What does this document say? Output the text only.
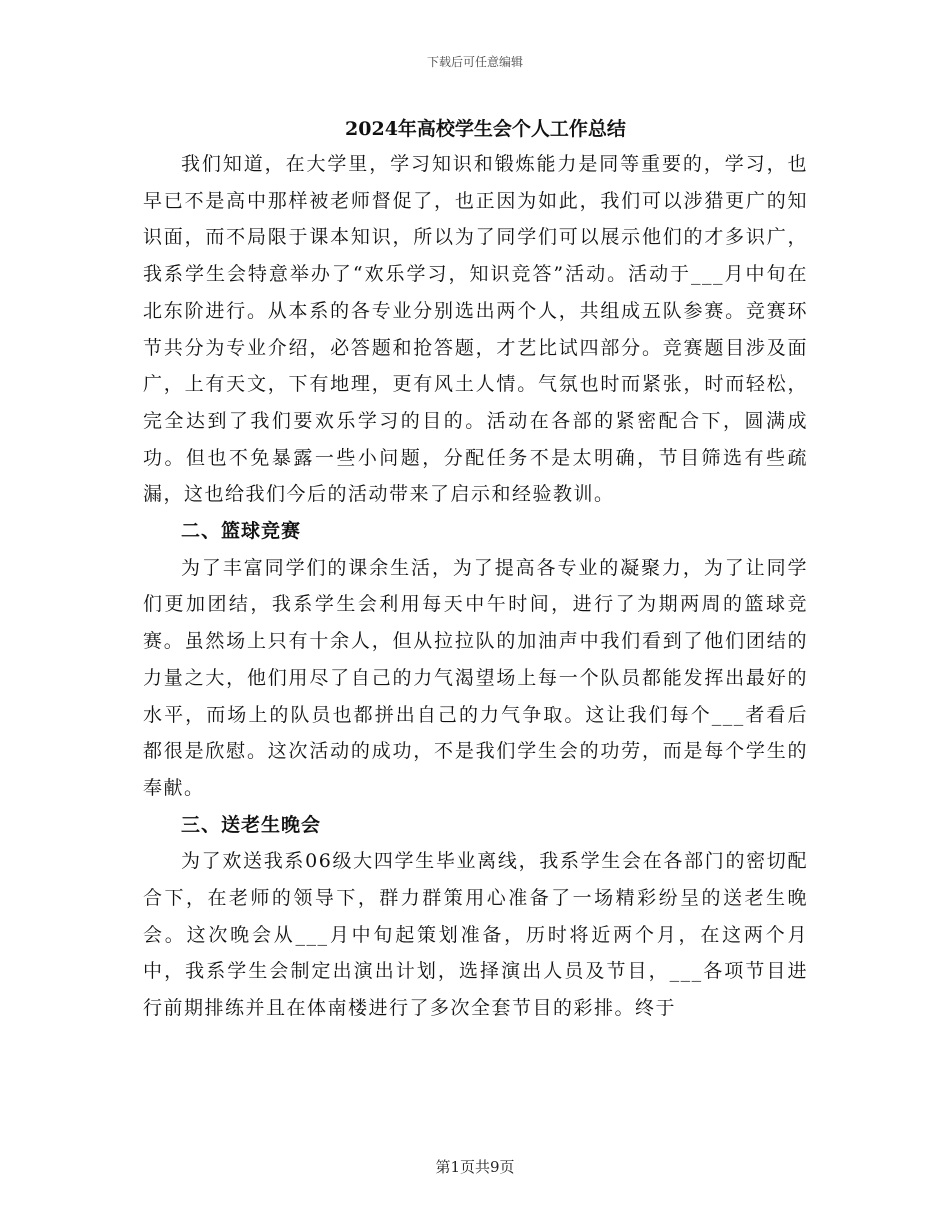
下载后可任意编辑
2024年高校学生会个人工作总结

我们知道，在大学里，学习知识和锻炼能力是同等重要的，学习，也早已不是高中那样被老师督促了，也正因为如此，我们可以涉猎更广的知识面，而不局限于课本知识，所以为了同学们可以展示他们的才多识广，我系学生会特意举办了“欢乐学习，知识竞答”活动。活动于___月中旬在北东阶进行。从本系的各专业分别选出两个人，共组成五队参赛。竞赛环节共分为专业介绍，必答题和抢答题，才艺比试四部分。竞赛题目涉及面广，上有天文，下有地理，更有风土人情。气氛也时而紧张，时而轻松，完全达到了我们要欢乐学习的目的。活动在各部的紧密配合下，圆满成功。但也不免暴露一些小问题，分配任务不是太明确，节目筛选有些疏漏，这也给我们今后的活动带来了启示和经验教训。

二、篮球竞赛

为了丰富同学们的课余生活，为了提高各专业的凝聚力，为了让同学们更加团结，我系学生会利用每天中午时间，进行了为期两周的篮球竞赛。虽然场上只有十余人，但从拉拉队的加油声中我们看到了他们团结的力量之大，他们用尽了自己的力气渴望场上每一个队员都能发挥出最好的水平，而场上的队员也都拼出自己的力气争取。这让我们每个___者看后都很是欣慰。这次活动的成功，不是我们学生会的功劳，而是每个学生的奉献。

三、送老生晚会

为了欢送我系06级大四学生毕业离线，我系学生会在各部门的密切配合下，在老师的领导下，群力群策用心准备了一场精彩纷呈的送老生晚会。这次晚会从___月中旬起策划准备，历时将近两个月，在这两个月中，我系学生会制定出演出计划，选择演出人员及节目，___各项节目进行前期排练并且在体南楼进行了多次全套节目的彩排。终于

第1页共9页
